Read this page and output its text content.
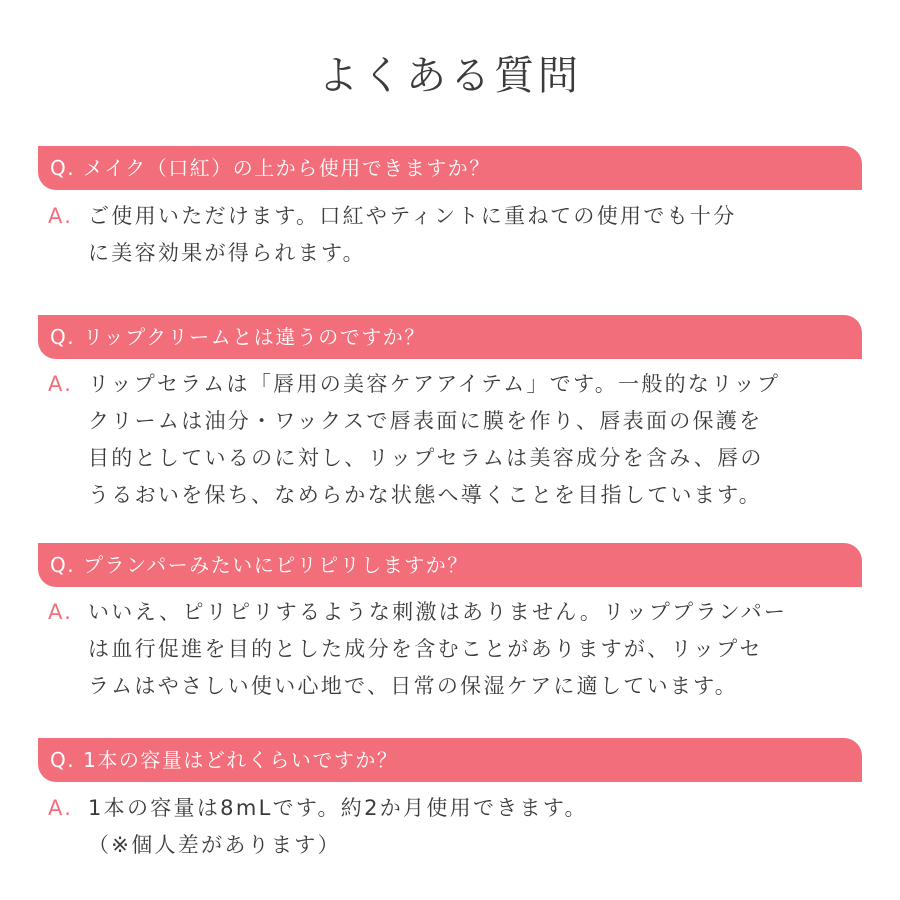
よくある質問
Q. メイク（口紅）の上から使用できますか？
A. ご使用いただけます。口紅やティントに重ねての使用でも十分
に美容効果が得られます。
Q. リップクリームとは違うのですか？
A. リップセラムは「唇用の美容ケアアイテム」です。一般的なリップ
クリームは油分・ワックスで唇表面に膜を作り、唇表面の保護を
目的としているのに対し、リップセラムは美容成分を含み、唇の
うるおいを保ち、なめらかな状態へ導くことを目指しています。
Q. プランパーみたいにピリピリしますか？
A. いいえ、ピリピリするような刺激はありません。リッププランパー
は血行促進を目的とした成分を含むことがありますが、リップセ
ラムはやさしい使い心地で、日常の保湿ケアに適しています。
Q. 1本の容量はどれくらいですか？
A. 1本の容量は8mLです。約2か月使用できます。
（※個人差があります）
